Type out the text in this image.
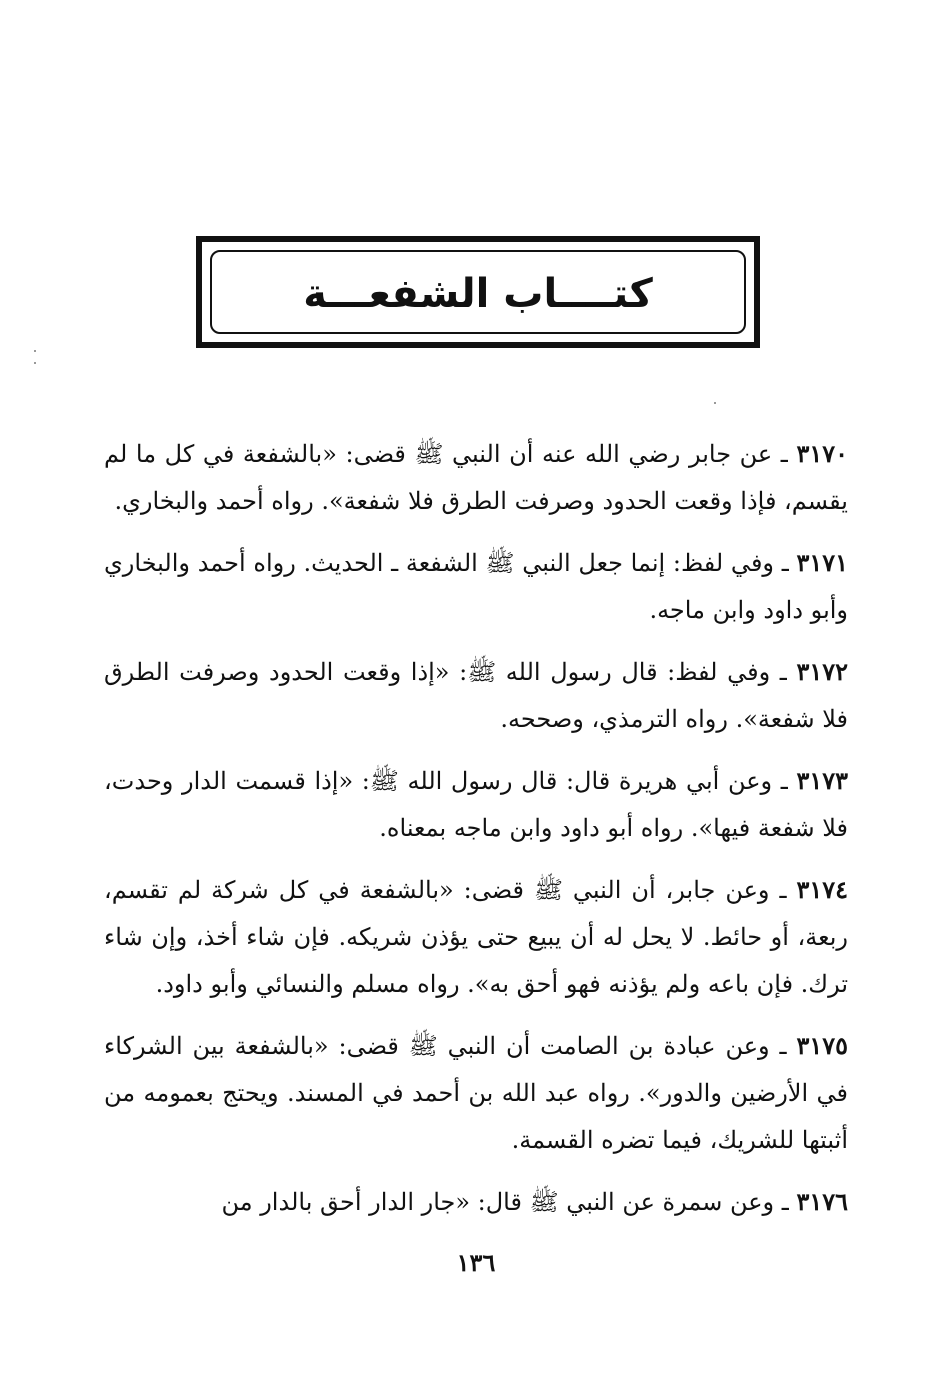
كتــــاب الشفعـــة

٣١٧٠ ـ عن جابر رضي الله عنه أن النبي ﷺ قضى: «بالشفعة في كل ما لم يقسم، فإذا وقعت الحدود وصرفت الطرق فلا شفعة». رواه أحمد والبخاري.

٣١٧١ ـ وفي لفظ: إنما جعل النبي ﷺ الشفعة ـ الحديث. رواه أحمد والبخاري وأبو داود وابن ماجه.

٣١٧٢ ـ وفي لفظ: قال رسول الله ﷺ: «إذا وقعت الحدود وصرفت الطرق فلا شفعة». رواه الترمذي، وصححه.

٣١٧٣ ـ وعن أبي هريرة قال: قال رسول الله ﷺ: «إذا قسمت الدار وحدت، فلا شفعة فيها». رواه أبو داود وابن ماجه بمعناه.

٣١٧٤ ـ وعن جابر، أن النبي ﷺ قضى: «بالشفعة في كل شركة لم تقسم، ربعة، أو حائط. لا يحل له أن يبيع حتى يؤذن شريكه. فإن شاء أخذ، وإن شاء ترك. فإن باعه ولم يؤذنه فهو أحق به». رواه مسلم والنسائي وأبو داود.

٣١٧٥ ـ وعن عبادة بن الصامت أن النبي ﷺ قضى: «بالشفعة بين الشركاء في الأرضين والدور». رواه عبد الله بن أحمد في المسند. ويحتج بعمومه من أثبتها للشريك، فيما تضره القسمة.

٣١٧٦ ـ وعن سمرة عن النبي ﷺ قال: «جار الدار أحق بالدار من

١٣٦
